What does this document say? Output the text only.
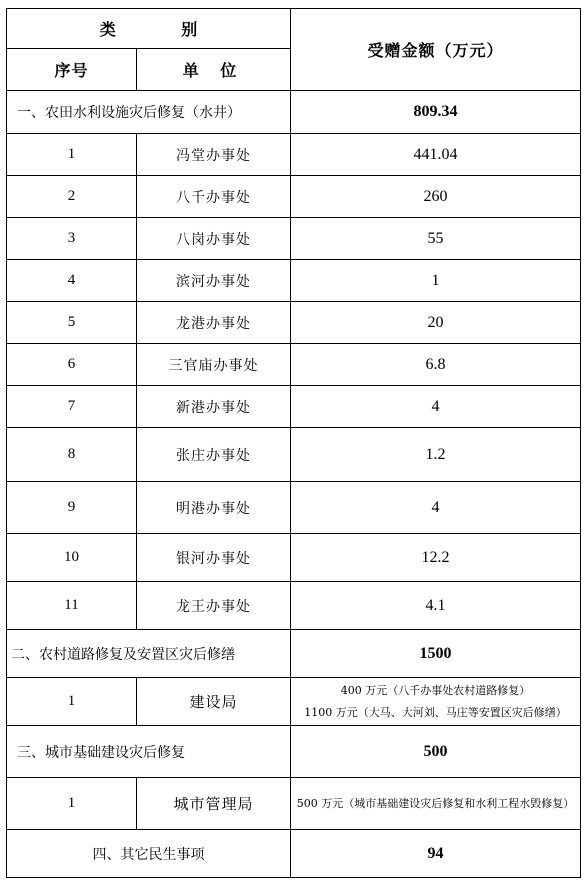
类 别		受赠金额（万元）
序号	单 位	
一、农田水利设施灾后修复（水井）		809.34
1	冯堂办事处	441.04
2	八千办事处	260
3	八岗办事处	55
4	滨河办事处	1
5	龙港办事处	20
6	三官庙办事处	6.8
7	新港办事处	4
8	张庄办事处	1.2
9	明港办事处	4
10	银河办事处	12.2
11	龙王办事处	4.1
二、农村道路修复及安置区灾后修缮		1500
1	建设局	400 万元（八千办事处农村道路修复）
1100 万元（大马、大河刘、马庄等安置区灾后修缮）

三、城市基础建设灾后修复		500
1	城市管理局	500 万元（城市基础建设灾后修复和水利工程水毁修复）

四、其它民生事项		94
